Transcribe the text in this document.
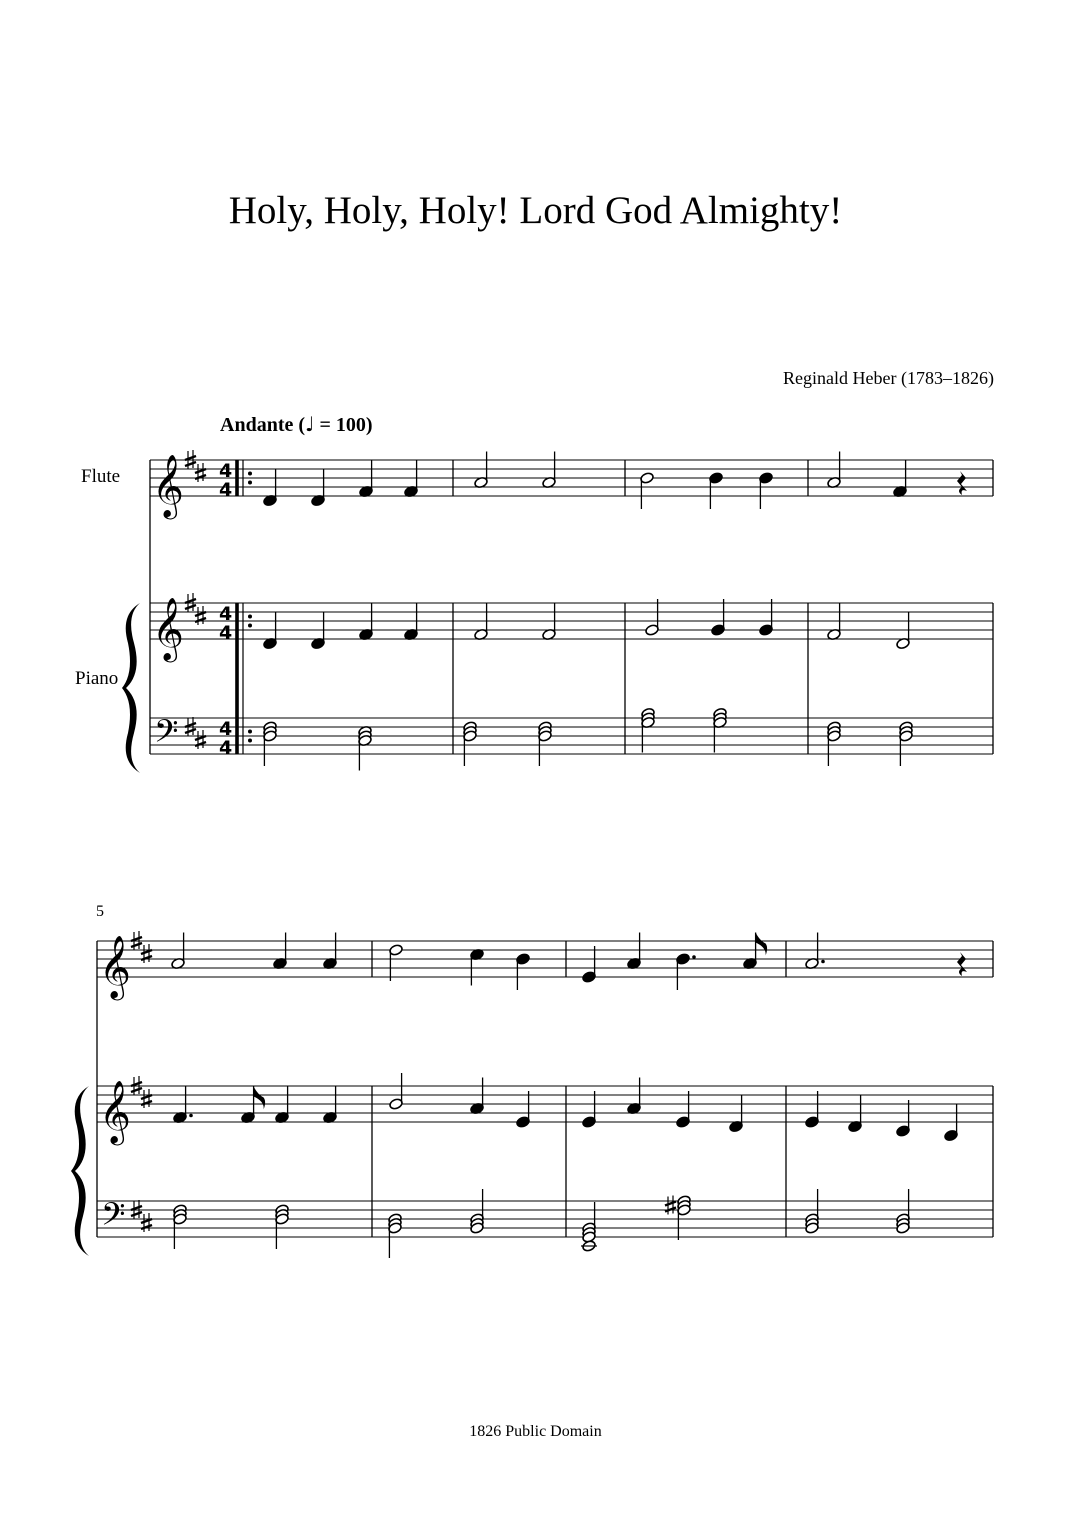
Holy, Holy, Holy! Lord God Almighty!
Reginald Heber (1783–1826)
Andante (♩ = 100)
Flute
Piano
5
1826 Public Domain
𝄞 4
4
𝄞 4
4
𝄢 4
4
𝄞
𝄞
𝄢
